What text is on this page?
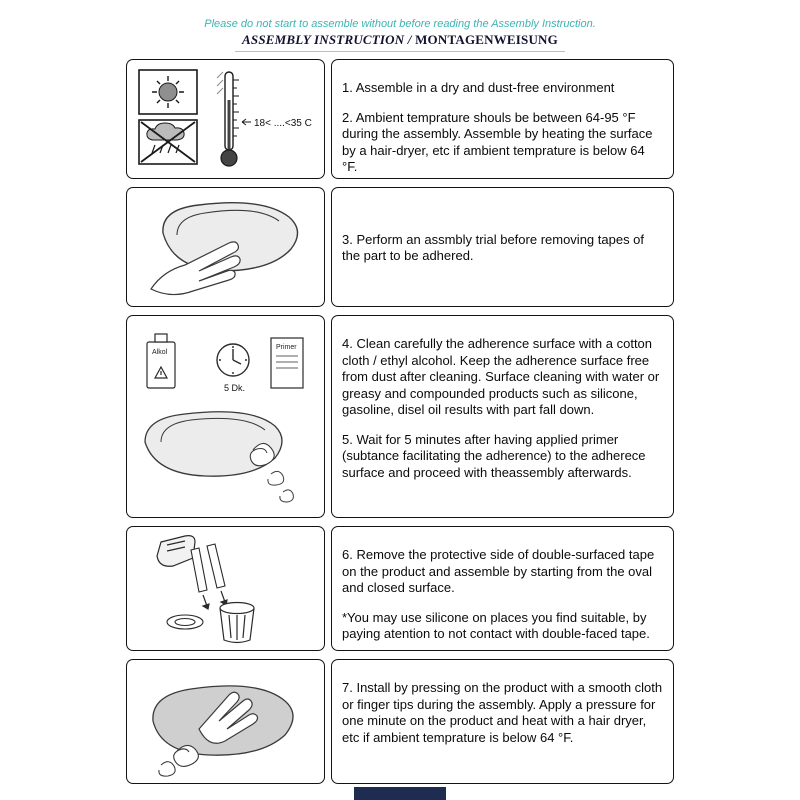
Please do not start to assemble without before reading the Assembly Instruction.
ASSEMBLY INSTRUCTION / MONTAGENWEISUNG
18< ....<35 C

1. Assemble in a dry and dust-free environment

2. Ambient temprature shouls be between 64-95 °F during the assembly. Assemble by heating the surface by a hair-dryer, etc if ambient temprature is below 64 °F.

3. Perform an assmbly trial before removing tapes of the part to be adhered.

Alkol
5 Dk.
Primer	4. Clean carefully the adherence surface with a cotton cloth / ethyl alcohol. Keep the adherence surface free from dust after cleaning. Surface cleaning with water or greasy and compounded products such as silicone, gasoline, disel oil results with part fall down.

5. Wait for 5 minutes after having applied primer (subtance facilitating the adherence) to the adherece surface and proceed with theassembly afterwards.

6. Remove the protective side of double-surfaced tape on the product and assemble by starting from the oval and closed surface.

*You may use silicone on places you find suitable, by paying atention to not contact with double-faced tape.

7. Install by pressing on the product with a smooth cloth or finger tips during the assembly. Apply a pressure for one minute on the product and heat with a hair dryer, etc if ambient temprature is below 64 °F.
